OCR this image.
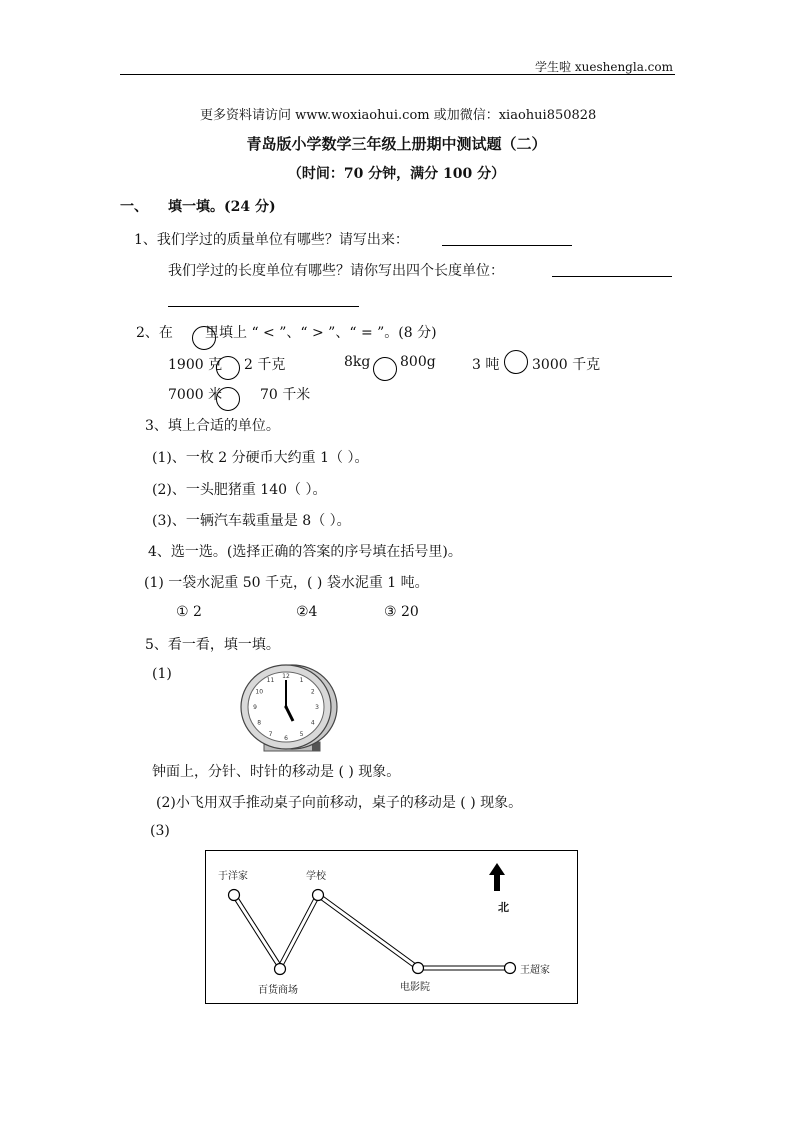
学生啦 xueshengla.com
更多资料请访问 www.woxiaohui.com 或加微信：xiaohui850828
青岛版小学数学三年级上册期中测试题（二）
（时间：70 分钟，满分 100 分）
一、 填一填。(24 分)
1、我们学过的质量单位有哪些？请写出来：
我们学过的长度单位有哪些？请你写出四个长度单位：
2、在 里填上 “ < ”、“ > ”、“ = ”。(8 分)
1900 克 2 千克	8kg 800g	3 吨 3000 千克
7000 米	70 千米
3、填上合适的单位。
(1)、一枚 2 分硬币大约重 1（ ）。
(2)、一头肥猪重 140（ ）。
(3)、一辆汽车载重量是 8（ ）。
4、选一选。(选择正确的答案的序号填在括号里)。
(1) 一袋水泥重 50 千克，( ) 袋水泥重 1 吨。
① 2	②4	③ 20
5、看一看，填一填。
(1)	12
1
2
3
4
5
6
7
8
9
10
11
钟面上，分针、时针的移动是 ( ) 现象。
(2)小飞用双手推动桌子向前移动，桌子的移动是 ( ) 现象。
(3)
于洋家	学校
百货商场	电影院
王超家
北
